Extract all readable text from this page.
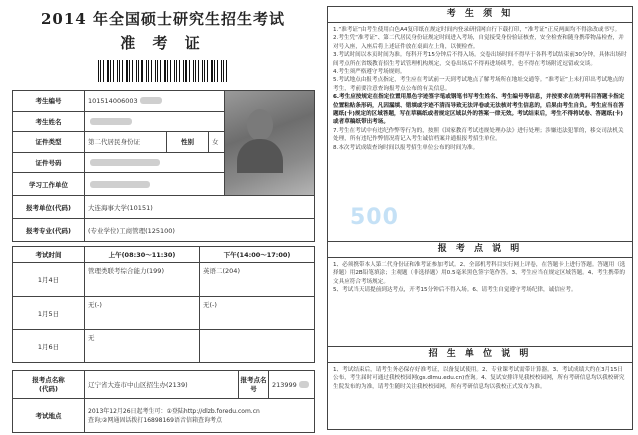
2014 年全国硕士研究生招生考试
准 考 证
考生编号	101514006003			

考生姓名				
证件类型	第二代居民身份证	性别	女	
证件号码				
学习工作单位				
报考单位(代码)	大连海事大学(10151)			
报考专业(代码)	(专业学位)工商管理(125100)			
考试时间	上午(08:30～11:30)	下午(14:00～17:00)
1月4日	管理类联考综合能力(199)	英语二(204)
1月5日	无(-)	无(-)
1月6日	无	
报考点名称
(代码)	辽宁省大连市中山区招生办(2139)	报考点名号	213999
考试地点	2013年12月26日起考生可：①登陆http://dlzb.foredu.com.cn
查询;②网通固话拨打16898169语音信箱查询考点		
500
考 生 须 知

1.“准考证”由考生使用白色A4复印纸在规定时间内登录研招网自行下载打印，“准考证”正反两面均不得涂改或书写。

2.考生凭“准考证”、第二代居民身份证规定时间进入考场，自觉接受身份验证核查，安全检查和随身携带物品检查，并对号入座，入座后将上述证件放在桌面左上角，以便检查。

3.考试时间以本页时间为准。每科开考15分钟后不得入场。交卷出场时间不得早于各科考试结束前30分钟，具体出场时间考点所在省级教育招生考试管理机构规定，交卷出场后不得再进场续考，也不得在考场附近逗留或交谈。

4.考生须严格遵守考场规则。

5.考试地点由报考点指定，考生应在考试前一天到考试地点了解考场所在地址交通等。“准考证”上未打印出考试地点的考生，考前要注意查询报考点公布的有关信息。

6.考生应按规定在指定位置用黑色字迹签字笔或钢笔书写考生姓名、考生编号等信息，并按要求在统考科目答题卡指定位置粘贴条形码，凡因漏填、错填或字迹不清而导致无法评卷或无法核对考生信息的，后果由考生自负。考生应当在答题纸(卡)规定的区域答题，写在草稿纸或者规定区域以外的答案一律无效。考试结束后，考生不得将试卷、答题纸(卡)或者草稿纸带出考场。

7.考生在考试中有违纪作弊等行为的，按照《国家教育考试违规处理办法》进行处理；涉嫌违法犯罪的，移交司法机关处理，所有违纪作弊情况将记入考生诚信档案并通报报考招生单位。

8.本次考试成绩查询时间以报考招生单位公布的时间为准。

报 考 点 说 明

1、必须携带本人第二代身份证和准考证参加考试。2、全部机考科目实行网上评卷，在答题卡上进行答题。答题用（选择题）用2B铅笔填涂；主观题（非选择题）用0.5毫米黑色签字笔作答。3、考生应当在规定区域答题。4、考生携带的文具应符合考场规定。

5、考试当天请提前到达考点，开考15分钟后不得入场。6、请考生自觉遵守考场纪律，诚信应考。

招 生 单 位 说 明

1、考试结束后，请考生务必保存好准考证，以备复试使用。2、专业课考试需带计算器。3、考试成绩大约在3月15日公布，考生届时可通过我校校园网(gs.dlmu.edu.cn)查询。4、复试安排详见我校校园网，所有考研信息均以我校研究生院发布的为准，请考生随时关注我校校园网，所有考研信息均以我校正式发布为准。
